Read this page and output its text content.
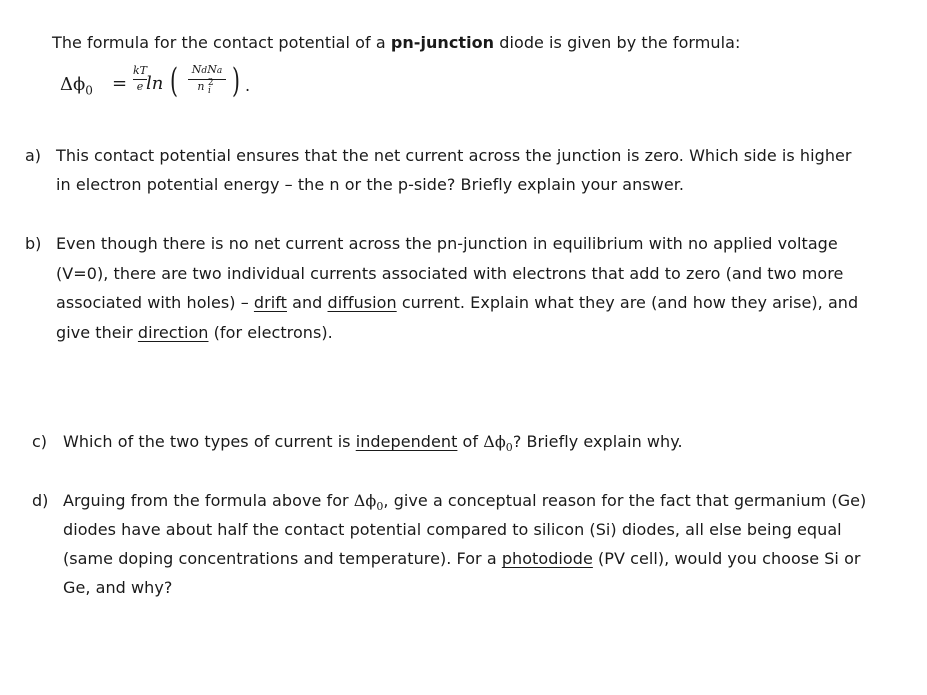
The formula for the contact potential of a pn-junction diode is given by the formula:
$\Delta\phi_0$ =
kT
e ln (	NdNa
n $_i^2$ ) .
a) This contact potential ensures that the net current across the junction is zero. Which side is higher
in electron potential energy – the n or the p-side? Briefly explain your answer.
b) Even though there is no net current across the pn-junction in equilibrium with no applied voltage
(V=0), there are two individual currents associated with electrons that add to zero (and two more
associated with holes) – drift and diffusion current. Explain what they are (and how they arise), and
give their direction (for electrons).
c) Which of the two types of current is independent of $\Delta\phi_0$? Briefly explain why.
d) Arguing from the formula above for $\Delta\phi_0$, give a conceptual reason for the fact that germanium (Ge)
diodes have about half the contact potential compared to silicon (Si) diodes, all else being equal
(same doping concentrations and temperature). For a photodiode (PV cell), would you choose Si or
Ge, and why?
